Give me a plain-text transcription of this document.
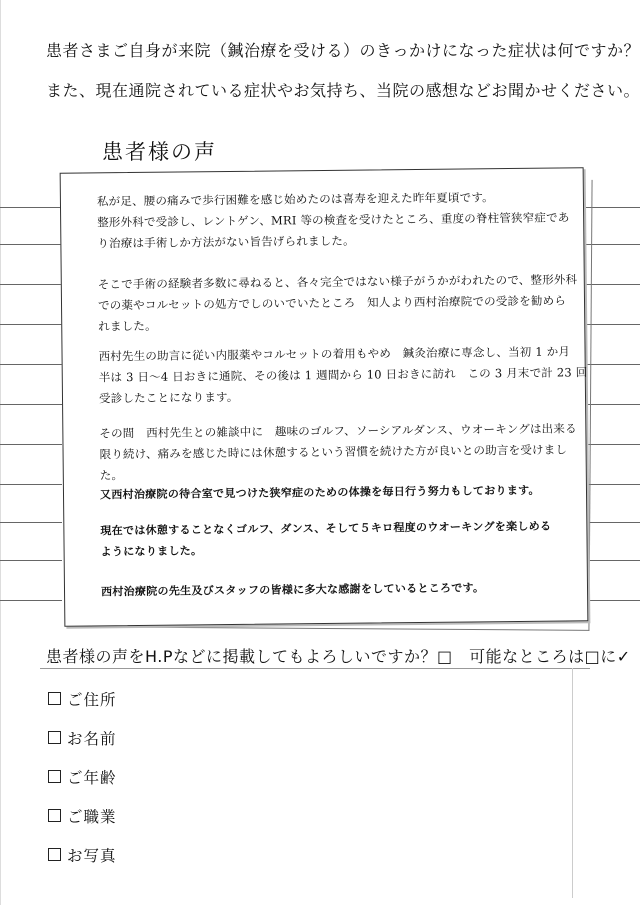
患者さまご自身が来院（鍼治療を受ける）のきっかけになった症状は何ですか？
また、現在通院されている症状やお気持ち、当院の感想などお聞かせください。
患者様の声
私が足、腰の痛みで歩行困難を感じ始めたのは喜寿を迎えた昨年夏頃です。
整形外科で受診し、レントゲン、MRI 等の検査を受けたところ、重度の脊柱管狭窄症であ
り治療は手術しか方法がない旨告げられました。
そこで手術の経験者多数に尋ねると、各々完全ではない様子がうかがわれたので、整形外科
での薬やコルセットの処方でしのいでいたところ　知人より西村治療院での受診を勧めら
れました。
西村先生の助言に従い内服薬やコルセットの着用もやめ　鍼灸治療に専念し、当初 1 か月
半は 3 日～4 日おきに通院、その後は 1 週間から 10 日おきに訪れ　この 3 月末で計 23 回
受診したことになります。
その間　西村先生との雑談中に　趣味のゴルフ、ソーシアルダンス、ウオーキングは出来る
限り続け、痛みを感じた時には休憩するという習慣を続けた方が良いとの助言を受けまし
た。
又西村治療院の待合室で見つけた狭窄症のための体操を毎日行う努力もしております。
現在では休憩することなくゴルフ、ダンス、そして５キロ程度のウオーキングを楽しめる
ようになりました。
西村治療院の先生及びスタッフの皆様に多大な感謝をしているところです。
患者様の声をH.Pなどに掲載してもよろしいですか？□　可能なところは□に✓
ご住所
お名前
ご年齢
ご職業
お写真
